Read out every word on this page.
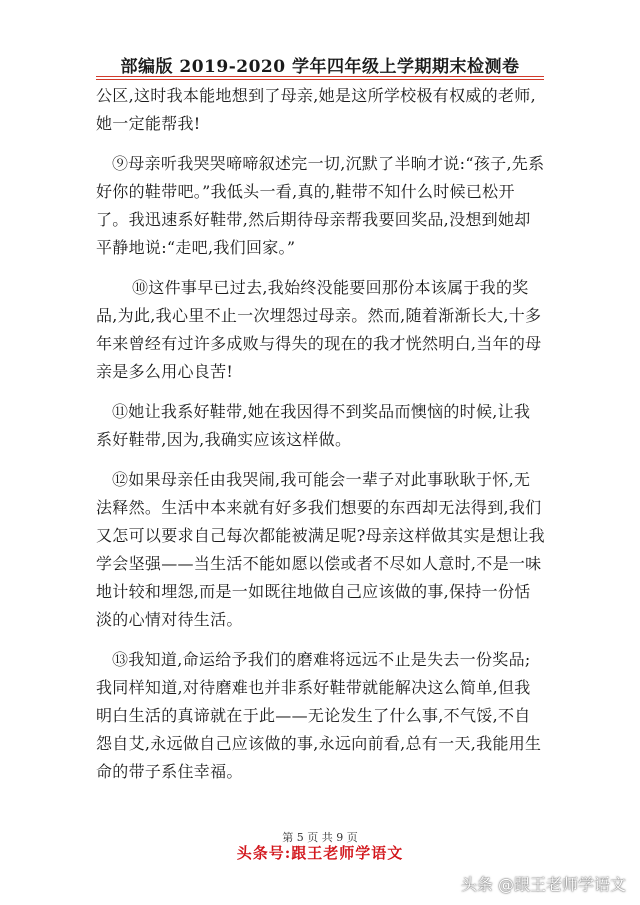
部编版 2019-2020 学年四年级上学期期末检测卷

公区,这时我本能地想到了母亲,她是这所学校极有权威的老师,她一定能帮我!

⑨母亲听我哭哭啼啼叙述完一切,沉默了半晌才说:“孩子,先系好你的鞋带吧。”我低头一看,真的,鞋带不知什么时候已松开了。我迅速系好鞋带,然后期待母亲帮我要回奖品,没想到她却平静地说:“走吧,我们回家。”

⑩这件事早已过去,我始终没能要回那份本该属于我的奖品,为此,我心里不止一次埋怨过母亲。然而,随着渐渐长大,十多年来曾经有过许多成败与得失的现在的我才恍然明白,当年的母亲是多么用心良苦!

⑪她让我系好鞋带,她在我因得不到奖品而懊恼的时候,让我系好鞋带,因为,我确实应该这样做。

⑫如果母亲任由我哭闹,我可能会一辈子对此事耿耿于怀,无法释然。生活中本来就有好多我们想要的东西却无法得到,我们又怎可以要求自己每次都能被满足呢?母亲这样做其实是想让我学会坚强——当生活不能如愿以偿或者不尽如人意时,不是一味地计较和埋怨,而是一如既往地做自己应该做的事,保持一份恬淡的心情对待生活。

⑬我知道,命运给予我们的磨难将远远不止是失去一份奖品;我同样知道,对待磨难也并非系好鞋带就能解决这么简单,但我明白生活的真谛就在于此——无论发生了什么事,不气馁,不自怨自艾,永远做自己应该做的事,永远向前看,总有一天,我能用生命的带子系住幸福。

第 5 页 共 9 页
头条号:跟王老师学语文
头条 @跟王老师学语文
